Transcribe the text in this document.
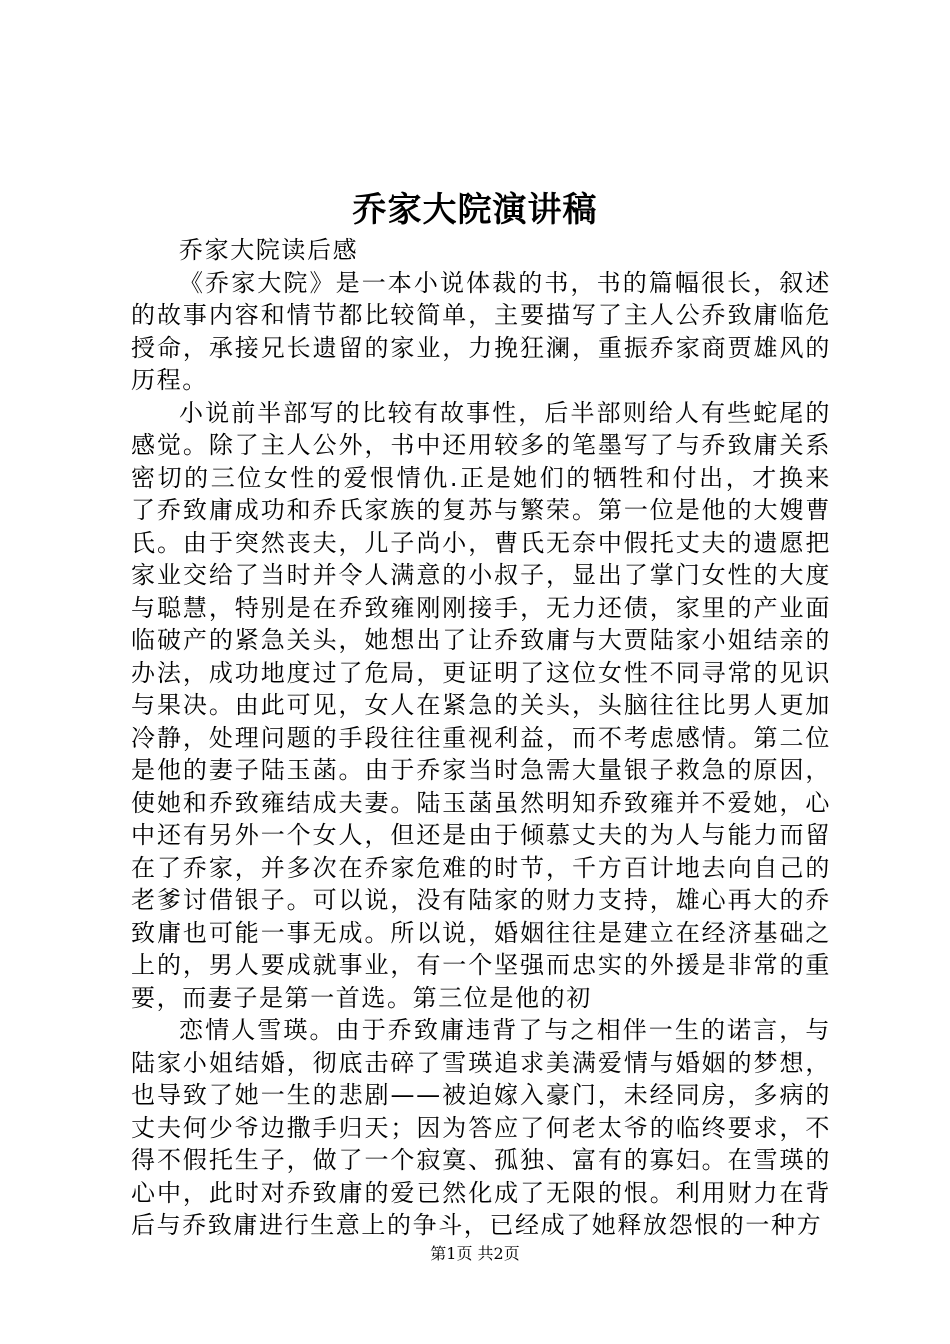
乔家大院演讲稿

乔家大院读后感

《乔家大院》是一本小说体裁的书，书的篇幅很长，叙述的故事内容和情节都比较简单，主要描写了主人公乔致庸临危授命，承接兄长遗留的家业，力挽狂澜，重振乔家商贾雄风的历程。

小说前半部写的比较有故事性，后半部则给人有些蛇尾的感觉。除了主人公外，书中还用较多的笔墨写了与乔致庸关系密切的三位女性的爱恨情仇.正是她们的牺牲和付出，才换来了乔致庸成功和乔氏家族的复苏与繁荣。第一位是他的大嫂曹氏。由于突然丧夫，儿子尚小，曹氏无奈中假托丈夫的遗愿把家业交给了当时并令人满意的小叔子，显出了掌门女性的大度与聪慧，特别是在乔致雍刚刚接手，无力还债，家里的产业面临破产的紧急关头，她想出了让乔致庸与大贾陆家小姐结亲的办法，成功地度过了危局，更证明了这位女性不同寻常的见识与果决。由此可见，女人在紧急的关头，头脑往往比男人更加冷静，处理问题的手段往往重视利益，而不考虑感情。第二位是他的妻子陆玉菡。由于乔家当时急需大量银子救急的原因，使她和乔致雍结成夫妻。陆玉菡虽然明知乔致雍并不爱她，心中还有另外一个女人，但还是由于倾慕丈夫的为人与能力而留在了乔家，并多次在乔家危难的时节，千方百计地去向自己的老爹讨借银子。可以说，没有陆家的财力支持，雄心再大的乔致庸也可能一事无成。所以说，婚姻往往是建立在经济基础之上的，男人要成就事业，有一个坚强而忠实的外援是非常的重要，而妻子是第一首选。第三位是他的初

恋情人雪瑛。由于乔致庸违背了与之相伴一生的诺言，与陆家小姐结婚，彻底击碎了雪瑛追求美满爱情与婚姻的梦想，也导致了她一生的悲剧——被迫嫁入豪门，未经同房，多病的丈夫何少爷边撒手归天；因为答应了何老太爷的临终要求，不得不假托生子，做了一个寂寞、孤独、富有的寡妇。在雪瑛的心中，此时对乔致庸的爱已然化成了无限的恨。利用财力在背后与乔致庸进行生意上的争斗，已经成了她释放怨恨的一种方

第1页 共2页
